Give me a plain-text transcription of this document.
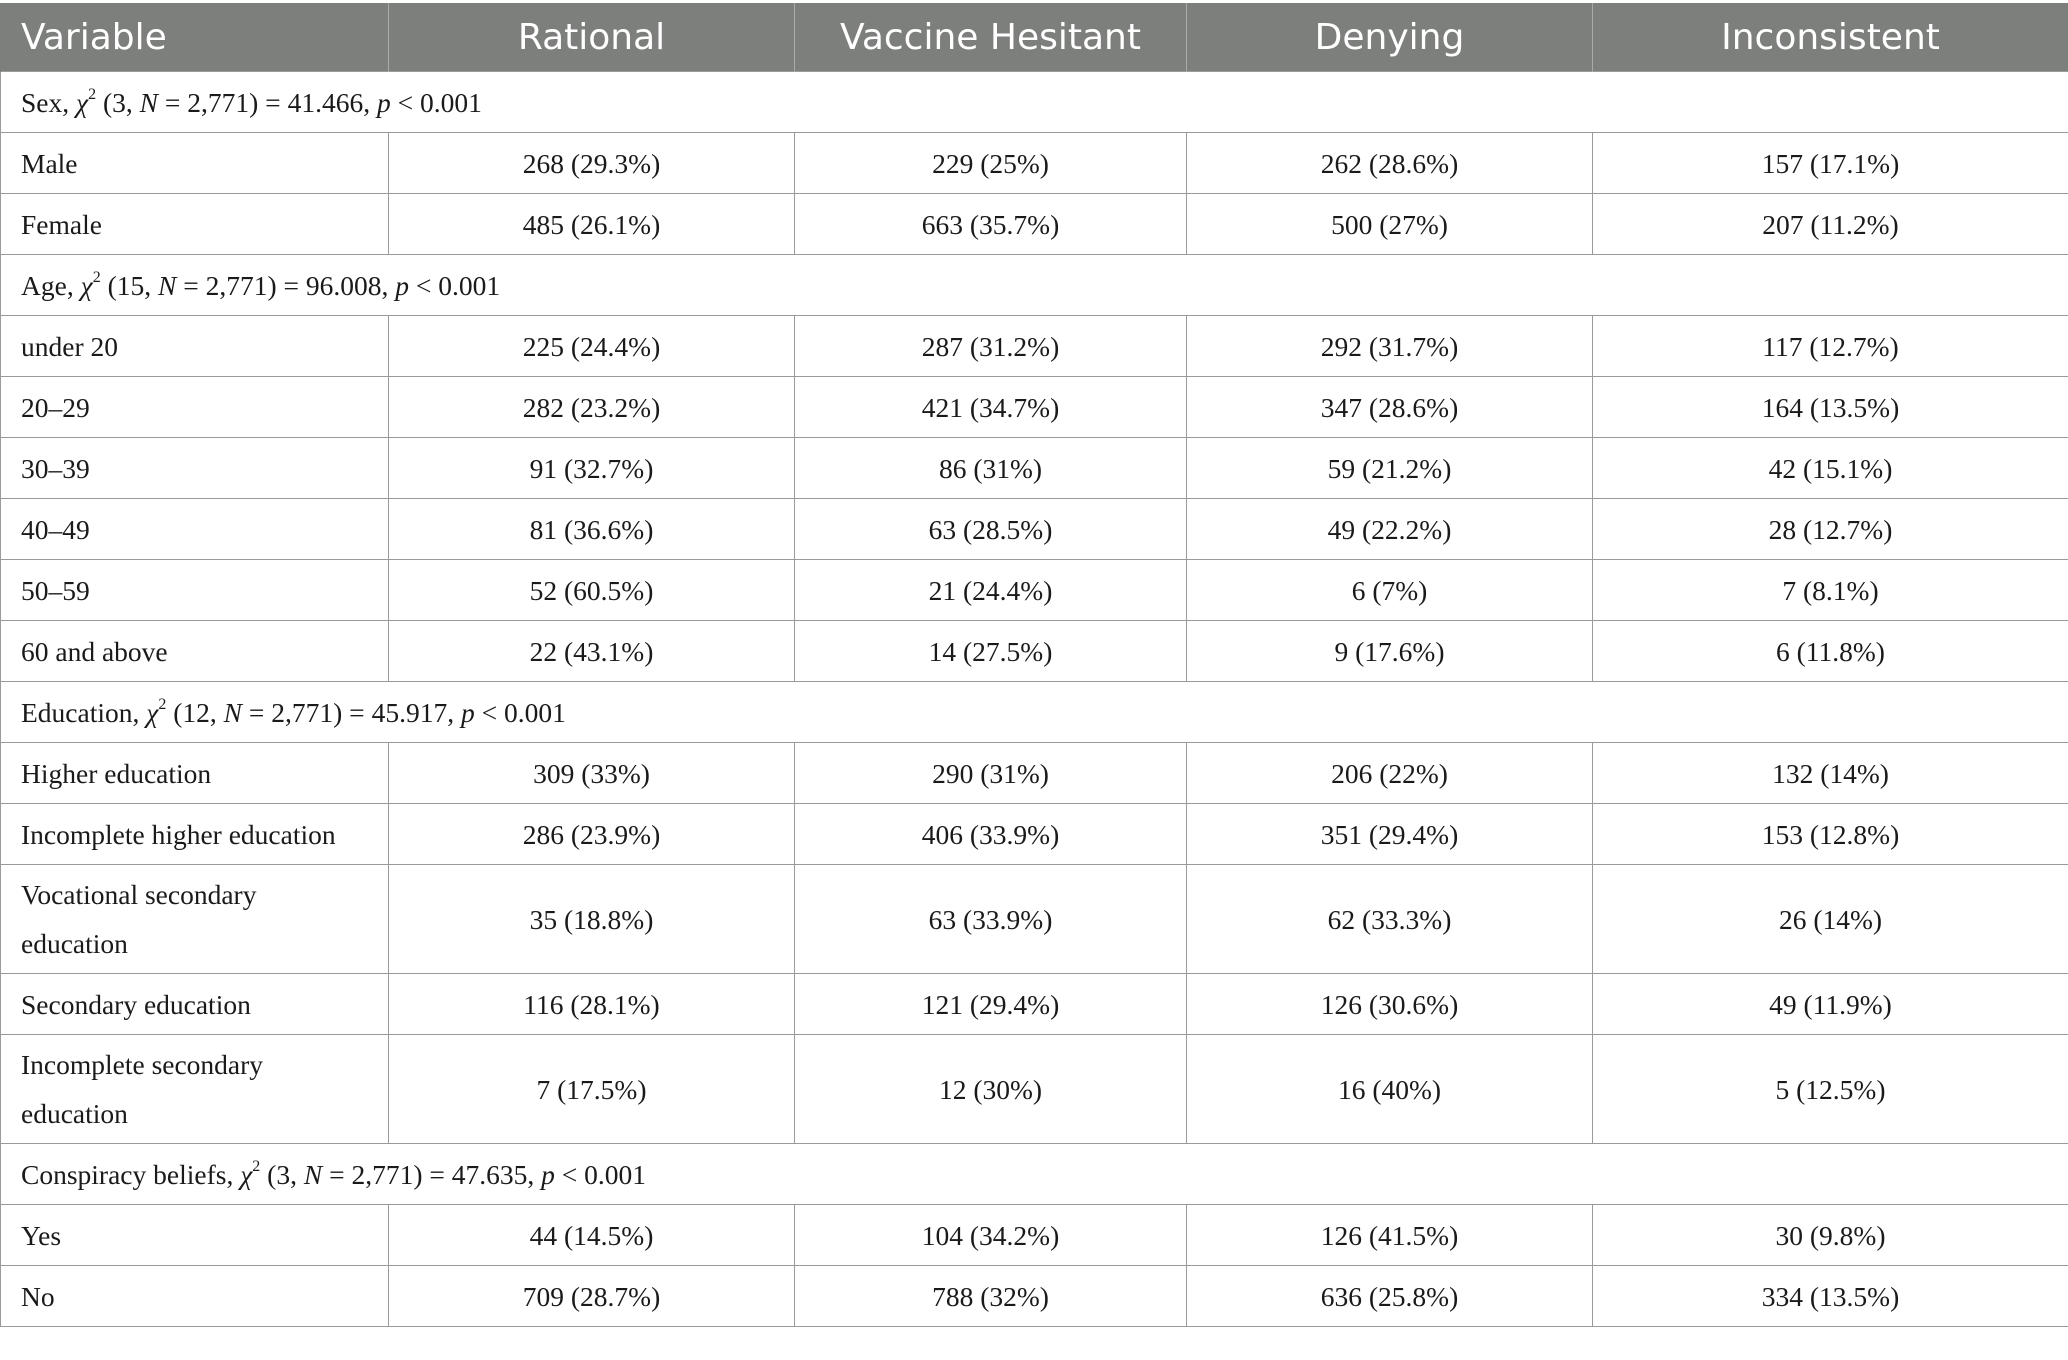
Variable	Rational	Vaccine Hesitant	Denying	Inconsistent
Sex, $\chi^2$ (3, N = 2,771) = 41.466, p < 0.001				
Male	268 (29.3%)	229 (25%)	262 (28.6%)	157 (17.1%)
Female	485 (26.1%)	663 (35.7%)	500 (27%)	207 (11.2%)
Age, $\chi^2$ (15, N = 2,771) = 96.008, p < 0.001				
under 20	225 (24.4%)	287 (31.2%)	292 (31.7%)	117 (12.7%)
20–29	282 (23.2%)	421 (34.7%)	347 (28.6%)	164 (13.5%)
30–39	91 (32.7%)	86 (31%)	59 (21.2%)	42 (15.1%)
40–49	81 (36.6%)	63 (28.5%)	49 (22.2%)	28 (12.7%)
50–59	52 (60.5%)	21 (24.4%)	6 (7%)	7 (8.1%)
60 and above	22 (43.1%)	14 (27.5%)	9 (17.6%)	6 (11.8%)
Education, $\chi^2$ (12, N = 2,771) = 45.917, p < 0.001				
Higher education	309 (33%)	290 (31%)	206 (22%)	132 (14%)
Incomplete higher education	286 (23.9%)	406 (33.9%)	351 (29.4%)	153 (12.8%)
Vocational secondary
education	35 (18.8%)	63 (33.9%)	62 (33.3%)	26 (14%)
Secondary education	116 (28.1%)	121 (29.4%)	126 (30.6%)	49 (11.9%)
Incomplete secondary
education	7 (17.5%)	12 (30%)	16 (40%)	5 (12.5%)
Conspiracy beliefs, $\chi^2$ (3, N = 2,771) = 47.635, p < 0.001				
Yes	44 (14.5%)	104 (34.2%)	126 (41.5%)	30 (9.8%)
No	709 (28.7%)	788 (32%)	636 (25.8%)	334 (13.5%)
